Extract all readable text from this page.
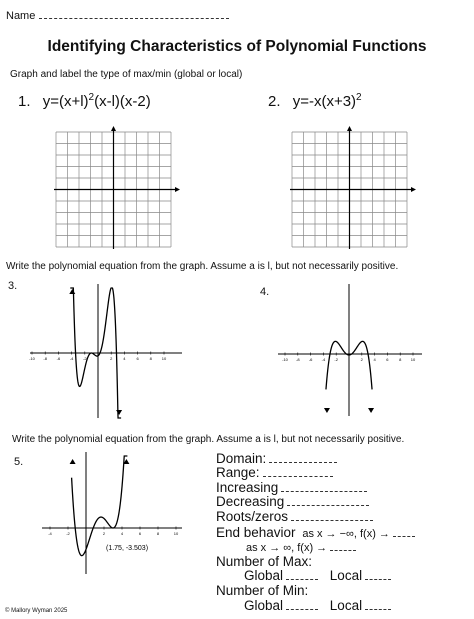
Name
Identifying Characteristics of Polynomial Functions
Graph and label the type of max/min (global or local)
1. $y=(x+l)^2(x-l)(x-2)$	2. $y=-x(x+3)^2$
Write the polynomial equation from the graph. Assume a is l, but not necessarily positive.
3.
-10 -8 -6 -4 -2	2	4	6	8 10
4.
-10 -8 -6 -4 -2	2	4	6	8 10
Write the polynomial equation from the graph. Assume a is l, but not necessarily positive.
5.
-4	-2	2	4	6	8	10
(1.75, -3.503)
Domain:
Range:
Increasing
Decreasing
Roots/zeros
End behavior as x → −∞, f(x) →
as x → ∞, f(x) →
Number of Max:
Global	Local
Number of Min:
Global	Local
© Mallory Wyman 2025
